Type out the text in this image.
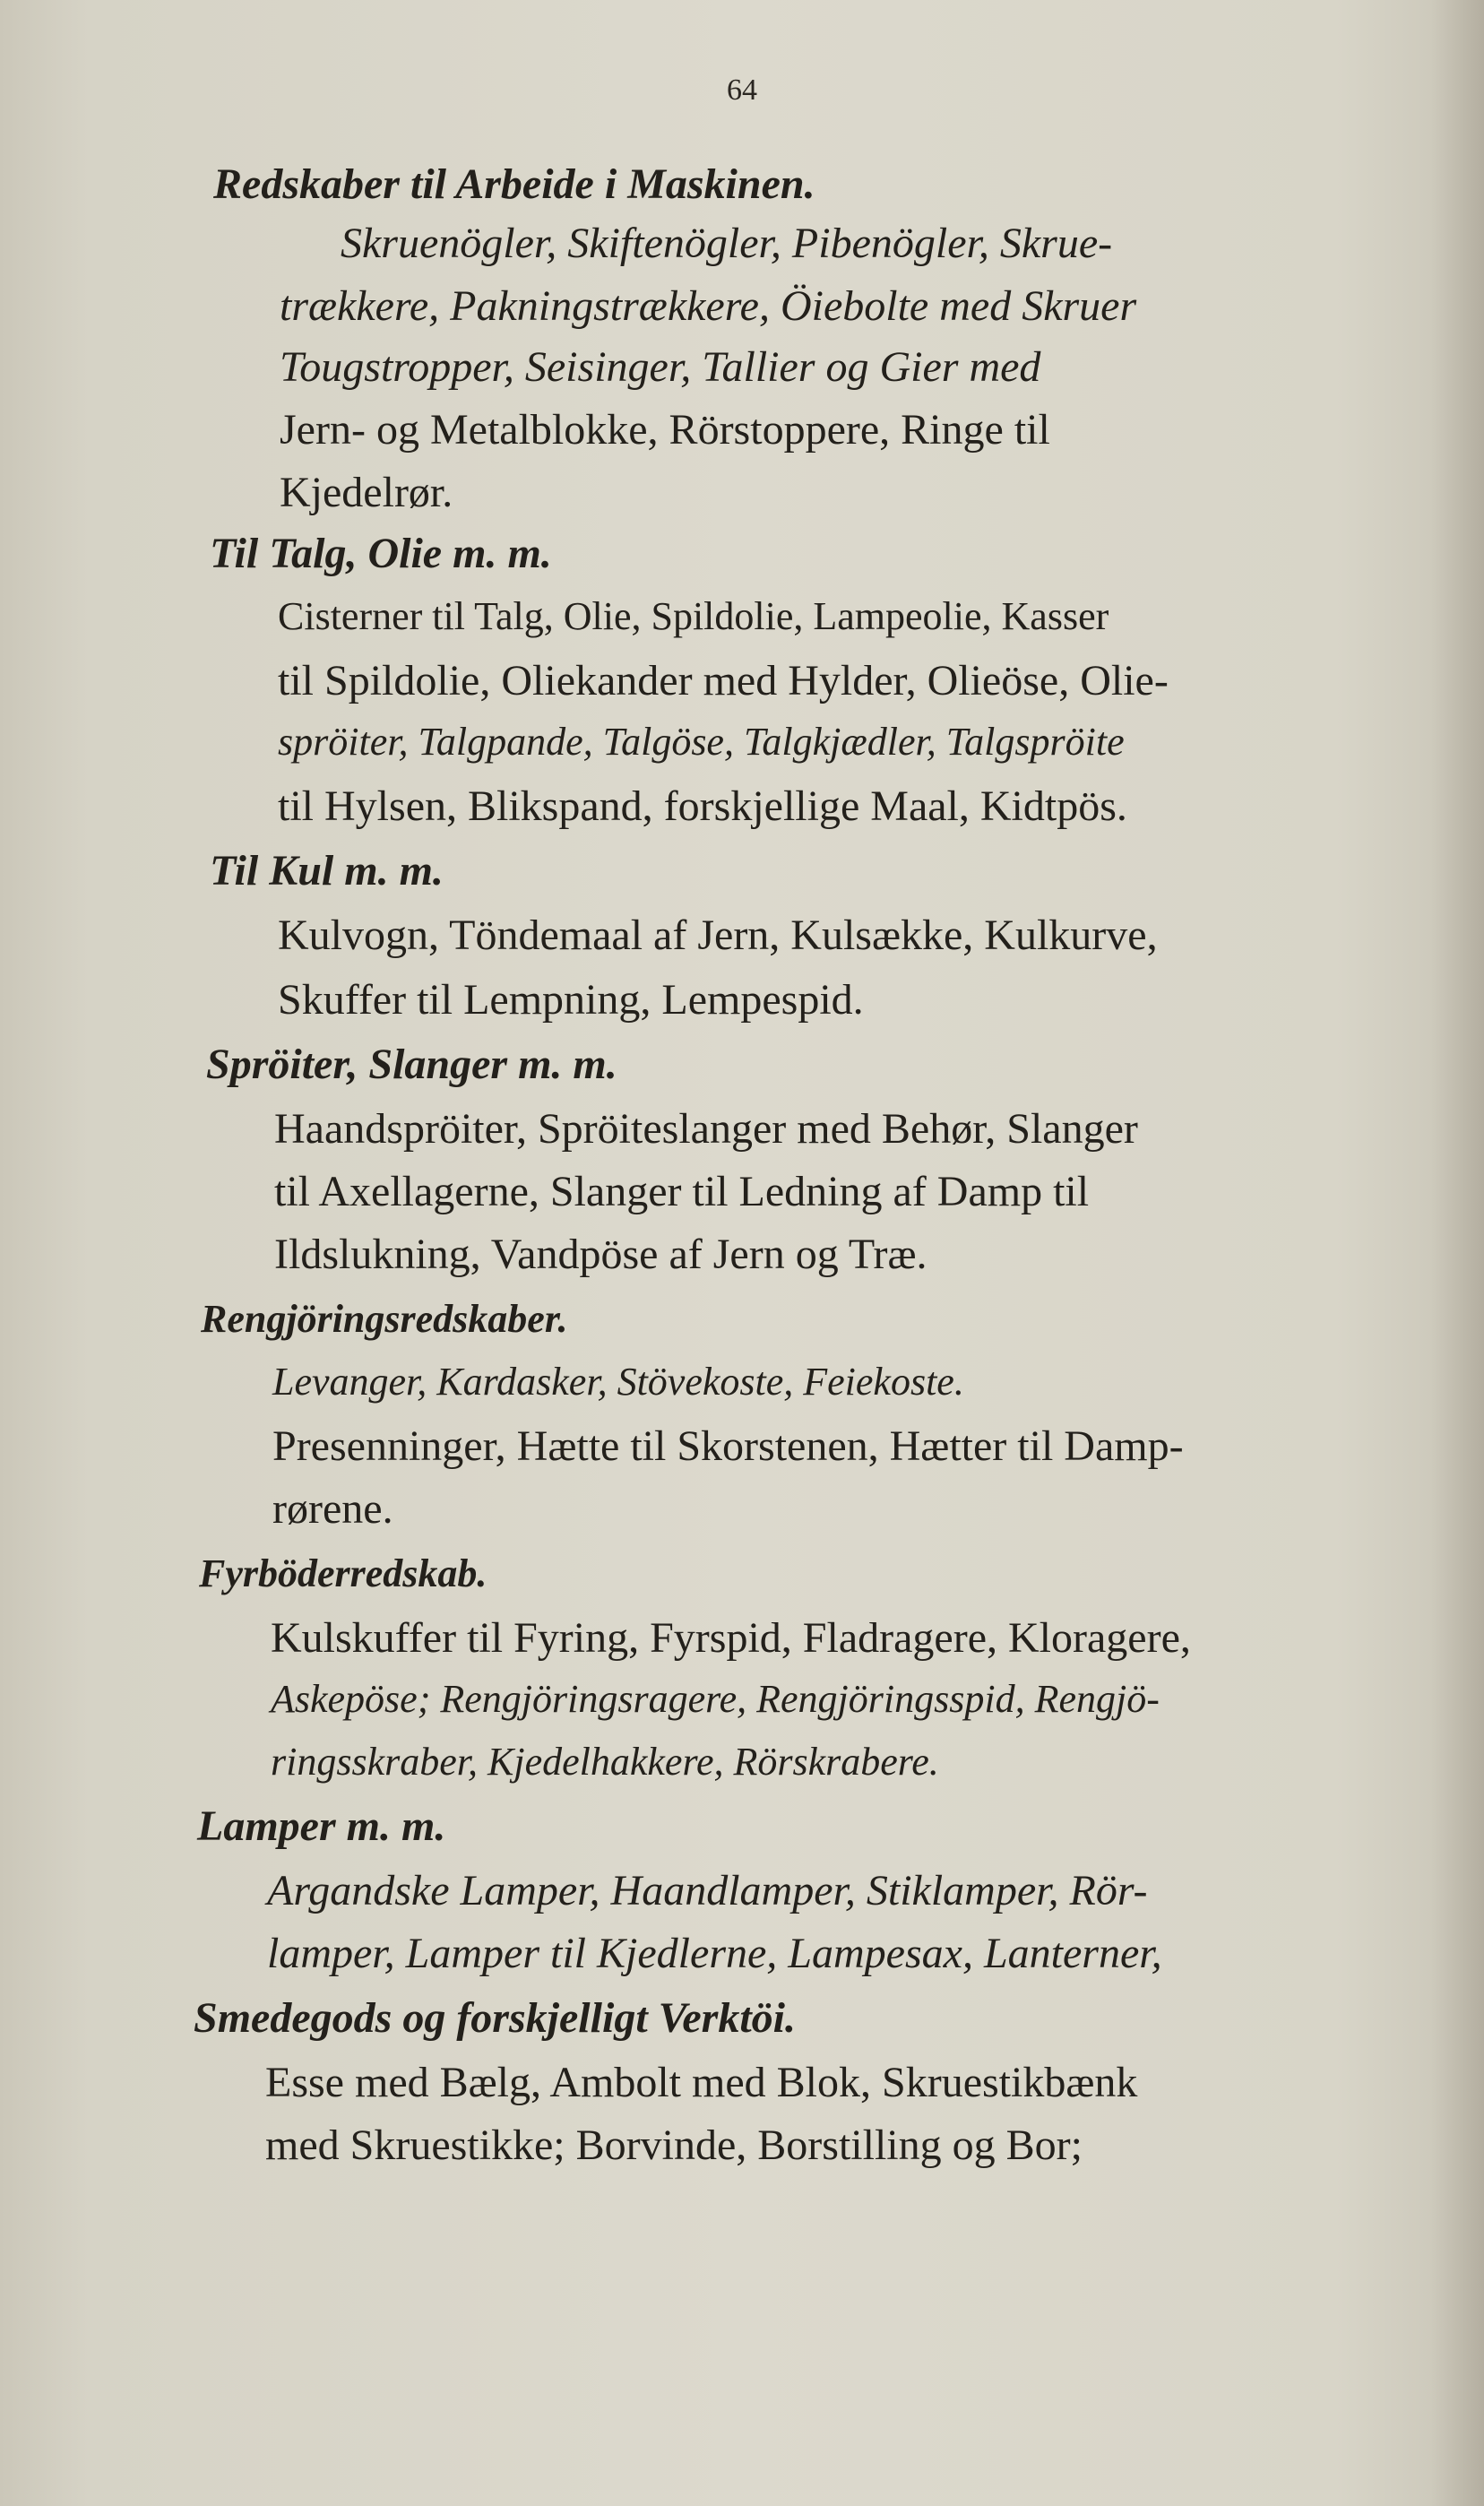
64
Redskaber til Arbeide i Maskinen.
Skruenögler, Skiftenögler, Pibenögler, Skrue-
trækkere, Pakningstrækkere, Öiebolte med Skruer
Tougstropper, Seisinger, Tallier og Gier med
Jern- og Metalblokke, Rörstoppere, Ringe til
Kjedelrør.
Til Talg, Olie m. m.
Cisterner til Talg, Olie, Spildolie, Lampeolie, Kasser
til Spildolie, Oliekander med Hylder, Olieöse, Olie-
spröiter, Talgpande, Talgöse, Talgkjædler, Talgspröite
til Hylsen, Blikspand, forskjellige Maal, Kidtpös.
Til Kul m. m.
Kulvogn, Töndemaal af Jern, Kulsække, Kulkurve,
Skuffer til Lempning, Lempespid.
Spröiter, Slanger m. m.
Haandspröiter, Spröiteslanger med Behør, Slanger
til Axellagerne, Slanger til Ledning af Damp til
Ildslukning, Vandpöse af Jern og Træ.
Rengjöringsredskaber.
Levanger, Kardasker, Stövekoste, Feiekoste.
Presenninger, Hætte til Skorstenen, Hætter til Damp-
rørene.
Fyrböderredskab.
Kulskuffer til Fyring, Fyrspid, Fladragere, Kloragere,
Askepöse; Rengjöringsragere, Rengjöringsspid, Rengjö-
ringsskraber, Kjedelhakkere, Rörskrabere.
Lamper m. m.
Argandske Lamper, Haandlamper, Stiklamper, Rör-
lamper, Lamper til Kjedlerne, Lampesax, Lanterner,
Smedegods og forskjelligt Verktöi.
Esse med Bælg, Ambolt med Blok, Skruestikbænk
med Skruestikke; Borvinde, Borstilling og Bor;
